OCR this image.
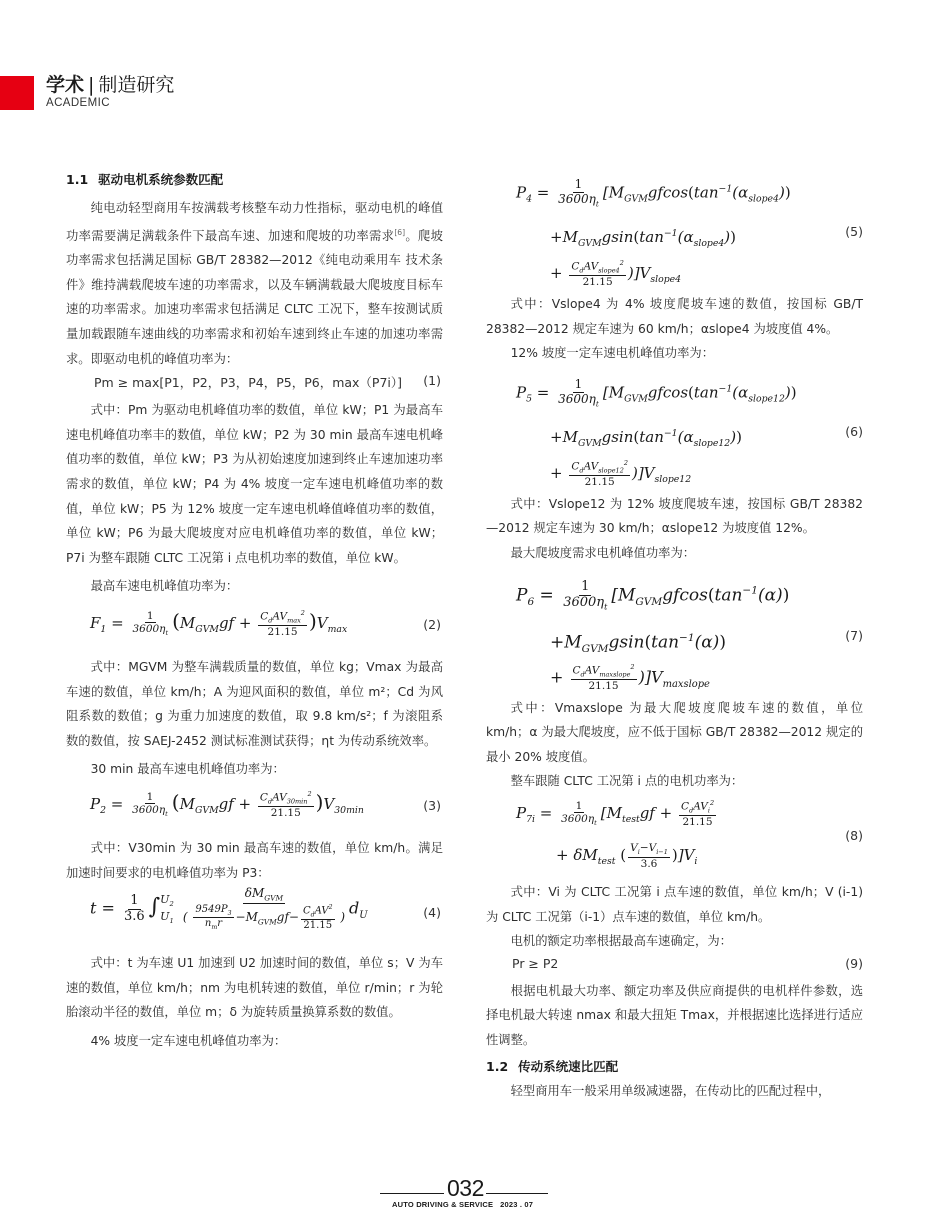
学术 | 制造研究
ACADEMIC
1.1 驱动电机系统参数匹配
纯电动轻型商用车按满载考核整车动力性指标，驱动电机的峰值功率需要满足满载条件下最高车速、加速和爬坡的功率需求[6]。爬坡功率需求包括满足国标 GB/T 28382—2012《纯电动乘用车 技术条件》维持满载爬坡车速的功率需求，以及车辆满载最大爬坡度目标车速的功率需求。加速功率需求包括满足 CLTC 工况下，整车按测试质量加载跟随车速曲线的功率需求和初始车速到终止车速的加速功率需求。即驱动电机的峰值功率为：
Pm ≥ max[P1，P2，P3，P4，P5，P6，max（P7i）] (1)
式中：Pm 为驱动电机峰值功率的数值，单位 kW；P1 为最高车速电机峰值功率丰的数值，单位 kW；P2 为 30 min 最高车速电机峰值功率的数值，单位 kW；P3 为从初始速度加速到终止车速加速功率需求的数值，单位 kW；P4 为 4% 坡度一定车速电机峰值功率的数值，单位 kW；P5 为 12% 坡度一定车速电机峰值峰值功率的数值，单位 kW；P6 为最大爬坡度对应电机峰值功率的数值，单位 kW；P7i 为整车跟随 CLTC 工况第 i 点电机功率的数值，单位 kW。
最高车速电机峰值功率为：
$F_1 = \frac{1}{3600\eta_t} (M_{GVM}gf + \frac{C_dAV_{max}^2}{21.15} )V_{max}$	(2)
式中：MGVM 为整车满载质量的数值，单位 kg；Vmax 为最高车速的数值，单位 km/h；A 为迎风面积的数值，单位 m²；Cd 为风阻系数的数值；g 为重力加速度的数值，取 9.8 km/s²；f 为滚阻系数的数值，按 SAEJ-2452 测试标准测试获得；ηt 为传动系统效率。
30 min 最高车速电机峰值功率为：
$P_2 = \frac{1}{3600\eta_t} (M_{GVM}gf + \frac{C_dAV_{30min}^2}{21.15} )V_{30min}$	(3)
式中：V30min 为 30 min 最高车速的数值，单位 km/h。满足加速时间要求的电机峰值功率为 P3：
$t = \frac{1}{3.6} \int U_2$
$U_1 \frac{\delta M_{GVM}}{( \frac{9549P_3}{n_mr} -M_{GVM}gf- \frac{C_dAV^2}{21.15} )} d_U$	(4)
式中：t 为车速 U1 加速到 U2 加速时间的数值，单位 s；V 为车速的数值，单位 km/h；nm 为电机转速的数值，单位 r/min；r 为轮胎滚动半径的数值，单位 m；δ 为旋转质量换算系数的数值。
4% 坡度一定车速电机峰值功率为：
$P_4 = \frac{1}{3600\eta_t} [M_{GVM}gfcos(\tan^{-1}(\alpha_{slope4}))$
$+M_{GVM}gsin(\tan^{-1}(\alpha_{slope4}))$
+ $\frac{C_dAV_{slope4}^2}{21.15} )]V_{slope4}$
(5)
式中：Vslope4 为 4% 坡度爬坡车速的数值，按国标 GB/T 28382—2012 规定车速为 60 km/h；αslope4 为坡度值 4%。
12% 坡度一定车速电机峰值功率为：
$P_5 = \frac{1}{3600\eta_t} [M_{GVM}gfcos(\tan^{-1}(\alpha_{slope12}))$
$+M_{GVM}gsin(\tan^{-1}(\alpha_{slope12}))$
+ $\frac{C_dAV_{slope12}^2}{21.15} )]V_{slope12}$
(6)
式中：Vslope12 为 12% 坡度爬坡车速，按国标 GB/T 28382—2012 规定车速为 30 km/h；αslope12 为坡度值 12%。
最大爬坡度需求电机峰值功率为：
$P_6 = \frac{1}{3600\eta_t} [M_{GVM}gfcos(\tan^{-1}(\alpha))$
$+M_{GVM}gsin(\tan^{-1}(\alpha))$
+ $\frac{C_dAV_{maxslope}^2}{21.15} )]V_{maxslope}$
(7)
式中：Vmaxslope 为最大爬坡度爬坡车速的数值，单位 km/h；α 为最大爬坡度，应不低于国标 GB/T 28382—2012 规定的最小 20% 坡度值。
整车跟随 CLTC 工况第 i 点的电机功率为：
$P_{7i} = \frac{1}{3600\eta_t} [M_{test}gf + \frac{C_dAV_i^2}{21.15}$
+ $\delta M_{test}$ ( $\frac{V_i-V_{i-1}}{3.6} )]V_i$
(8)
式中：Vi 为 CLTC 工况第 i 点车速的数值，单位 km/h；V (i-1) 为 CLTC 工况第（i-1）点车速的数值，单位 km/h。
电机的额定功率根据最高车速确定，为：
Pr ≥ P2	(9)
根据电机最大功率、额定功率及供应商提供的电机样件参数，选择电机最大转速 nmax 和最大扭矩 Tmax，并根据速比选择进行适应性调整。
1.2 传动系统速比匹配
轻型商用车一般采用单级减速器，在传动比的匹配过程中，
032
AUTO DRIVING & SERVICE 2023 . 07
